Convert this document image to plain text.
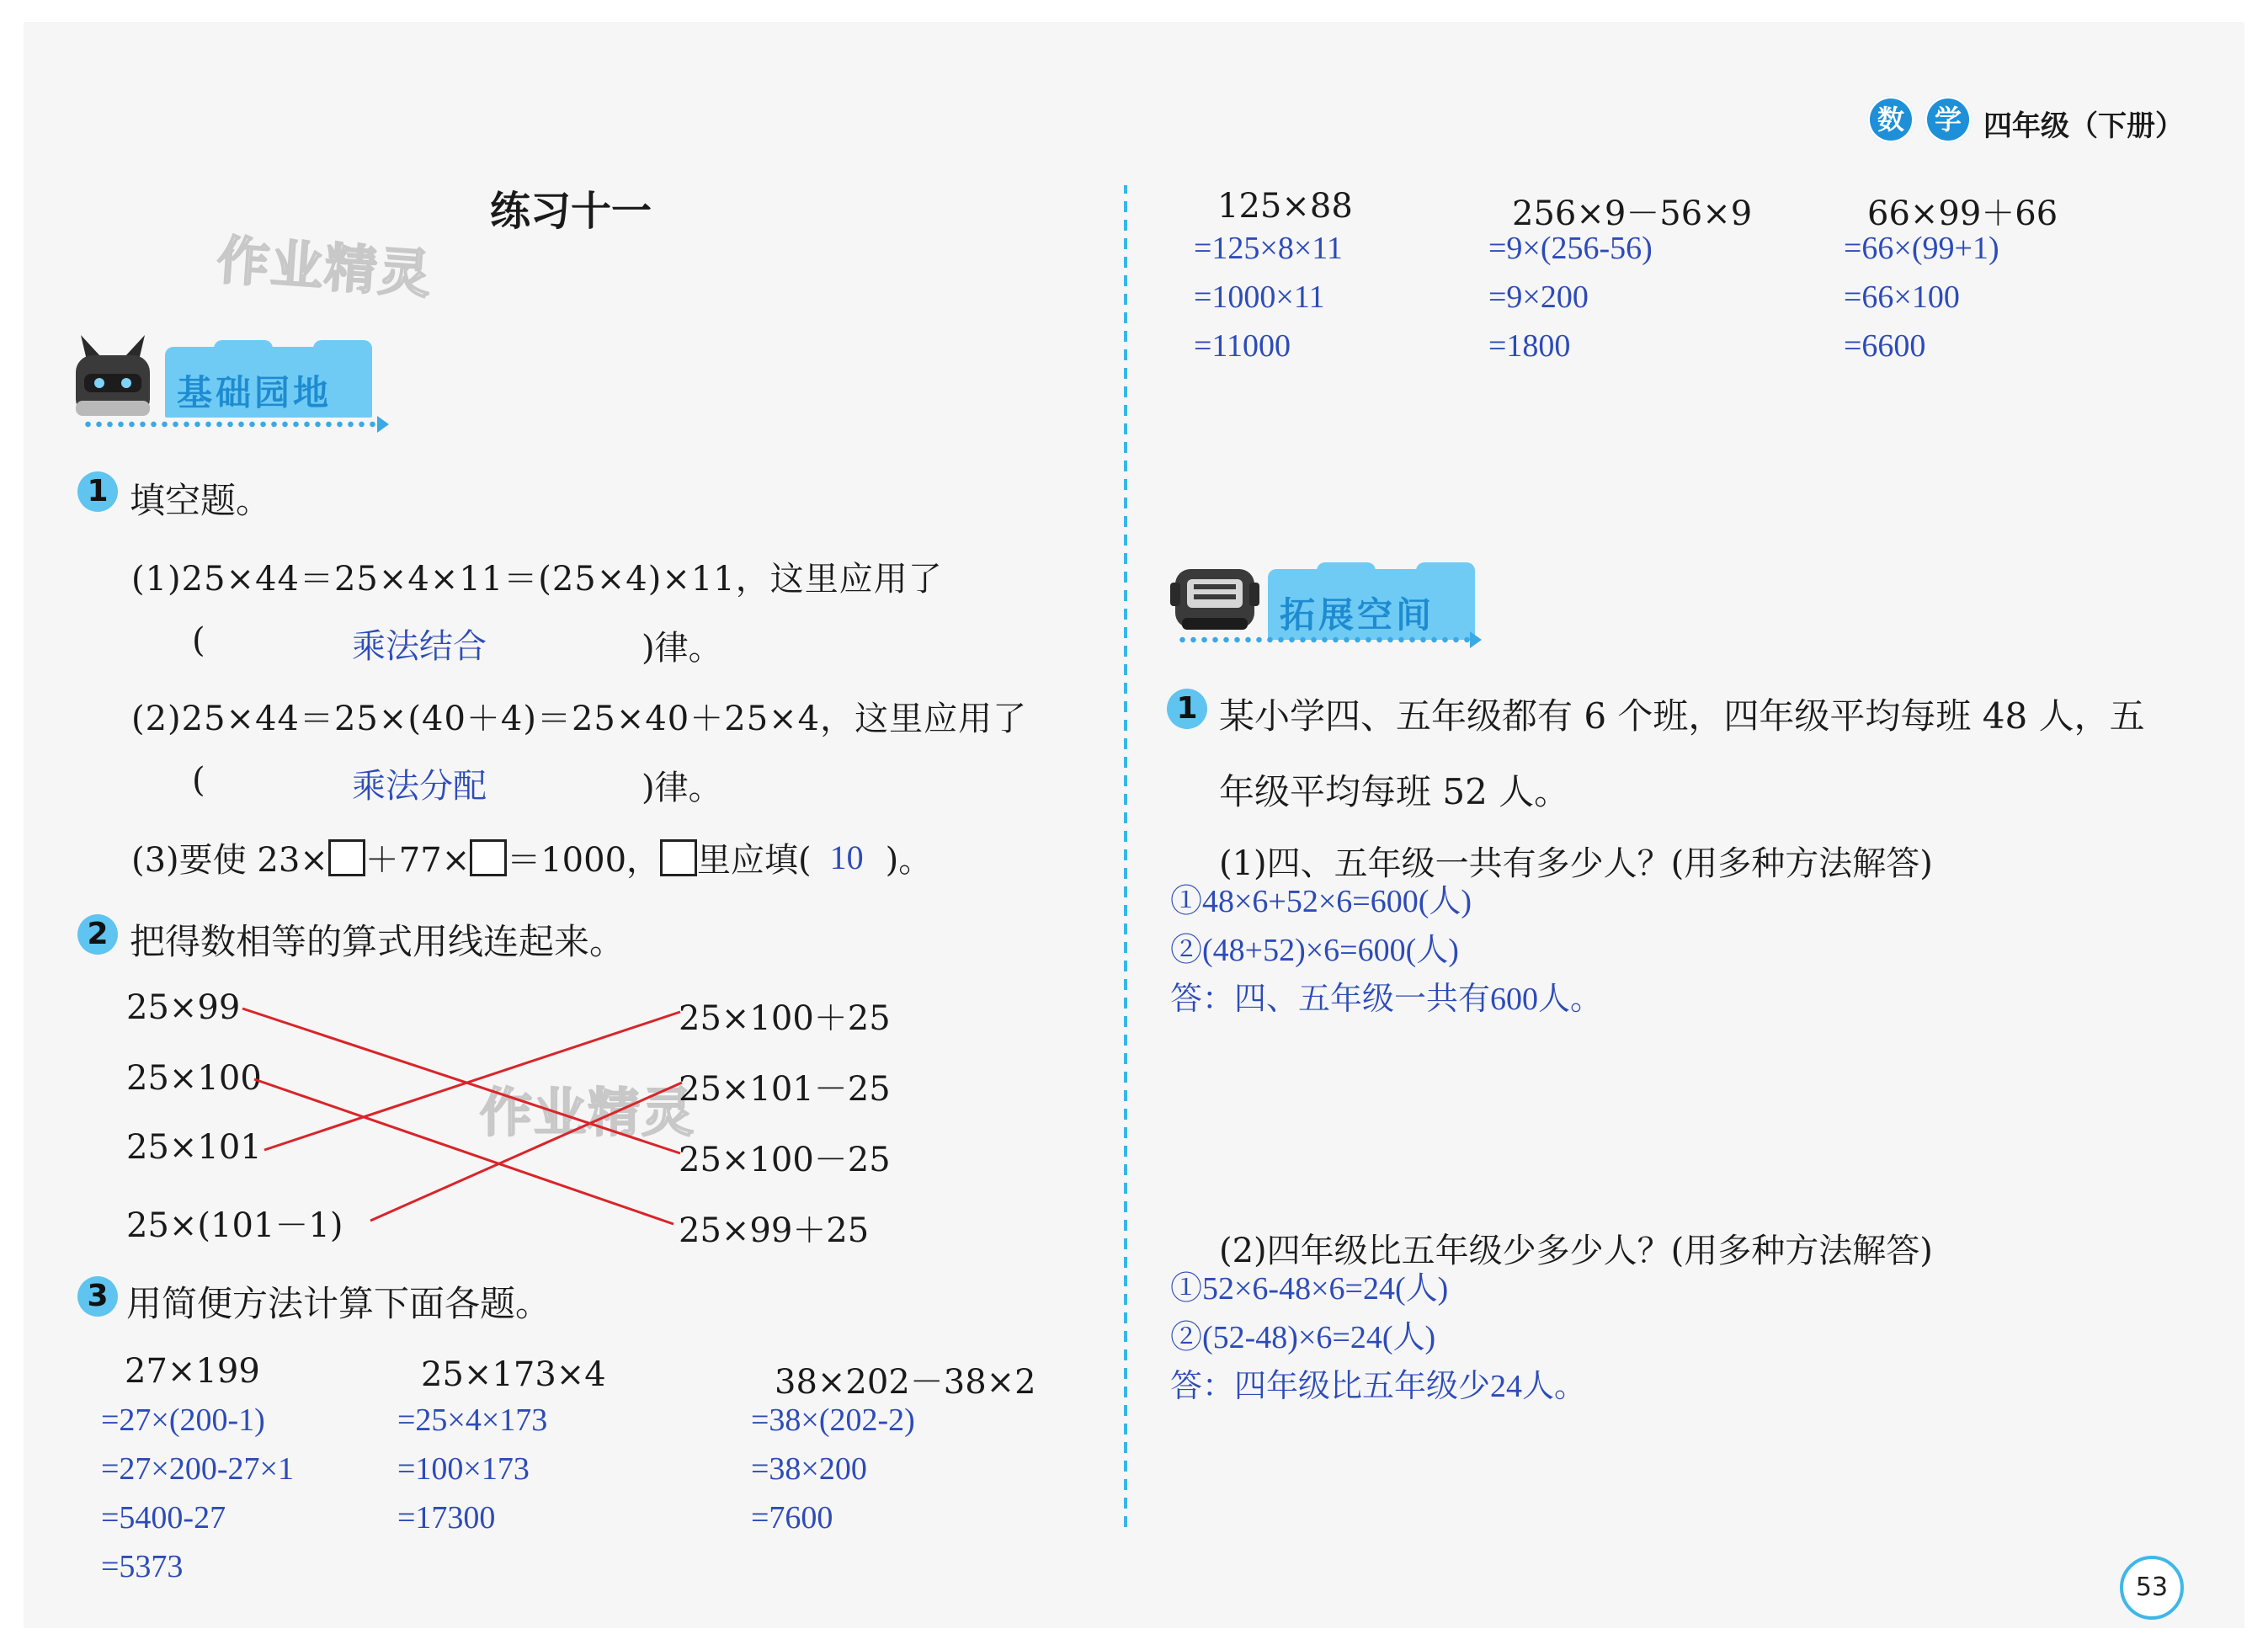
数	学 四年级（下册）
练习十一
作业精灵
作业精灵
基础园地
1 填空题。
(1)25×44＝25×4×11＝(25×4)×11，这里应用了
(	乘法结合	)律。
(2)25×44＝25×(40＋4)＝25×40＋25×4，这里应用了
(	乘法分配	)律。
(3)要使 23× ＋77× ＝1000， 里应填( 10 )。
2 把得数相等的算式用线连起来。
25×99
25×100
25×101
25×(101－1)
25×100＋25
25×101－25
25×100－25
25×99＋25
3 用简便方法计算下面各题。
27×199
=27×(200-1)
=27×200-27×1
=5400-27
=5373
25×173×4
=25×4×173
=100×173
=17300
38×202－38×2
=38×(202-2)
=38×200
=7600
125×88
=125×8×11
=1000×11
=11000
256×9－56×9
=9×(256-56)
=9×200
=1800
66×99＋66
=66×(99+1)
=66×100
=6600
拓展空间
1 某小学四、五年级都有 6 个班，四年级平均每班 48 人，五
年级平均每班 52 人。
(1)四、五年级一共有多少人？(用多种方法解答)
①48×6+52×6=600(人)
②(48+52)×6=600(人)
答：四、五年级一共有600人。
(2)四年级比五年级少多少人？(用多种方法解答)
①52×6-48×6=24(人)
②(52-48)×6=24(人)
答：四年级比五年级少24人。
53
